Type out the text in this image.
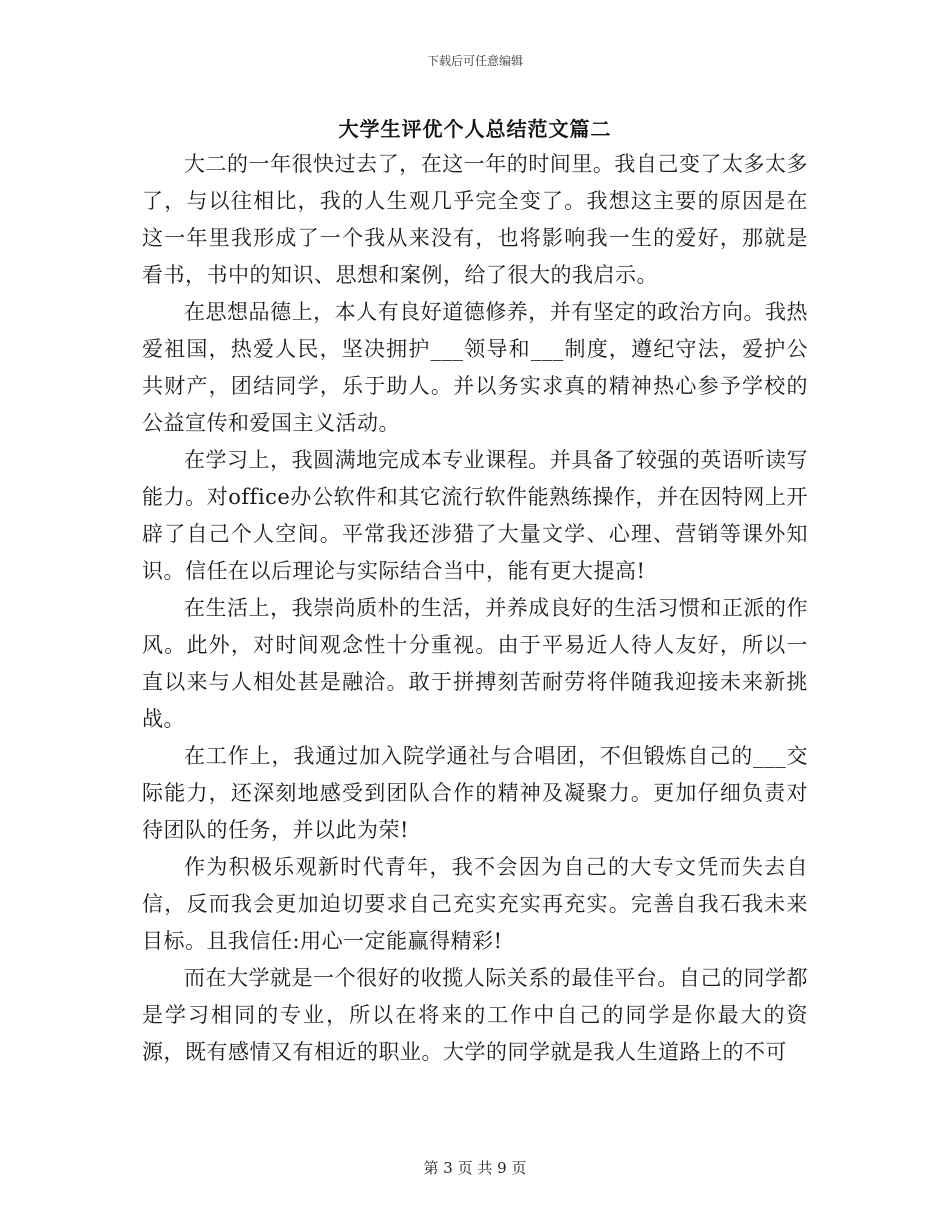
下载后可任意编辑
大学生评优个人总结范文篇二

大二的一年很快过去了，在这一年的时间里。我自己变了太多太多了，与以往相比，我的人生观几乎完全变了。我想这主要的原因是在这一年里我形成了一个我从来没有，也将影响我一生的爱好，那就是看书，书中的知识、思想和案例，给了很大的我启示。

在思想品德上，本人有良好道德修养，并有坚定的政治方向。我热爱祖国，热爱人民，坚决拥护___领导和___制度，遵纪守法，爱护公共财产，团结同学，乐于助人。并以务实求真的精神热心参予学校的公益宣传和爱国主义活动。

在学习上，我圆满地完成本专业课程。并具备了较强的英语听读写能力。对office办公软件和其它流行软件能熟练操作，并在因特网上开辟了自己个人空间。平常我还涉猎了大量文学、心理、营销等课外知识。信任在以后理论与实际结合当中，能有更大提高!

在生活上，我崇尚质朴的生活，并养成良好的生活习惯和正派的作风。此外，对时间观念性十分重视。由于平易近人待人友好，所以一直以来与人相处甚是融洽。敢于拼搏刻苦耐劳将伴随我迎接未来新挑战。

在工作上，我通过加入院学通社与合唱团，不但锻炼自己的___交际能力，还深刻地感受到团队合作的精神及凝聚力。更加仔细负责对待团队的任务，并以此为荣!

作为积极乐观新时代青年，我不会因为自己的大专文凭而失去自信，反而我会更加迫切要求自己充实充实再充实。完善自我石我未来目标。且我信任:用心一定能赢得精彩!

而在大学就是一个很好的收揽人际关系的最佳平台。自己的同学都是学习相同的专业，所以在将来的工作中自己的同学是你最大的资源，既有感情又有相近的职业。大学的同学就是我人生道路上的不可

第 3 页 共 9 页
